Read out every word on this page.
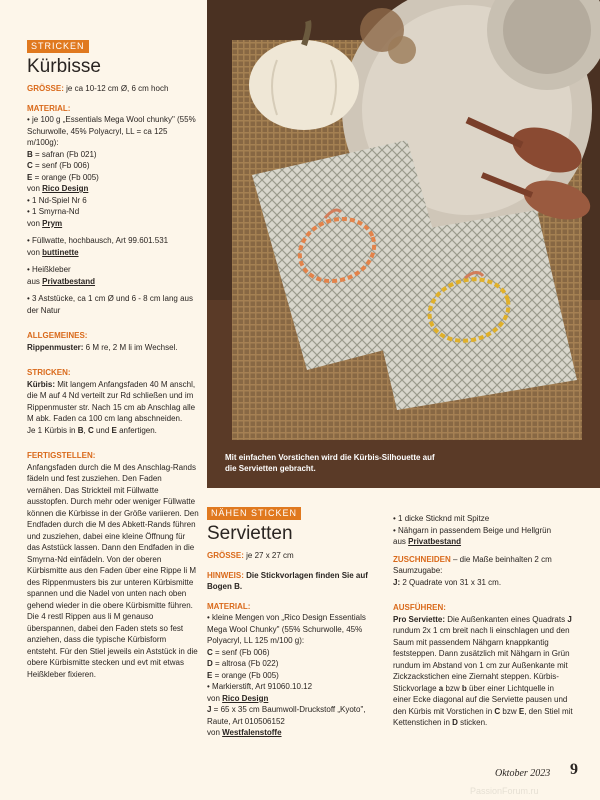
STRICKEN
Kürbisse

GRÖSSE: je ca 10-12 cm Ø, 6 cm hoch

MATERIAL:

• je 100 g „Essentials Mega Wool chunky" (55% Schurwolle, 45% Polyacryl, LL = ca 125 m/100g):

B = safran (Fb 021)

C = senf (Fb 006)

E = orange (Fb 005)

von Rico Design

• 1 Nd-Spiel Nr 6

• 1 Smyrna-Nd

von Prym

• Füllwatte, hochbausch, Art 99.601.531

von buttinette

• Heißkleber

aus Privatbestand

• 3 Aststücke, ca 1 cm Ø und 6 - 8 cm lang aus der Natur

ALLGEMEINES:

Rippenmuster: 6 M re, 2 M li im Wechsel.

STRICKEN:

Kürbis: Mit langem Anfangsfaden 40 M anschl, die M auf 4 Nd verteilt zur Rd schließen und im Rippenmuster str. Nach 15 cm ab Anschlag alle M abk. Faden ca 100 cm lang abschneiden.

Je 1 Kürbis in B, C und E anfertigen.

FERTIGSTELLEN:

Anfangsfaden durch die M des Anschlag-Rands fädeln und fest zusziehen. Den Faden vernähen. Das Strickteil mit Füllwatte ausstopfen. Durch mehr oder weniger Füllwatte können die Kürbisse in der Größe variieren. Den Endfaden durch die M des Abkett-Rands führen und zusziehen, dabei eine kleine Öffnung für das Aststück lassen. Dann den Endfaden in die Smyrna-Nd einfädeln. Von der oberen Kürbismitte aus den Faden über eine Rippe li M des Rippenmusters bis zur unteren Kürbismitte spannen und die Nadel von unten nach oben gehend wieder in die obere Kürbismitte führen. Die 4 restl Rippen aus li M genauso überspannen, dabei den Faden stets so fest anziehen, dass die typische Kürbisform entsteht. Für den Stiel jeweils ein Aststück in die obere Kürbismitte stecken und evt mit etwas Heißkleber fixieren.

Mit einfachen Vorstichen wird die Kürbis-Silhouette auf die Servietten gebracht.
NÄHEN STICKEN
Servietten

GRÖSSE: je 27 x 27 cm

HINWEIS: Die Stickvorlagen finden Sie auf Bogen B.

MATERIAL:

• kleine Mengen von „Rico Design Essentials Mega Wool Chunky" (55% Schurwolle, 45% Polyacryl, LL 125 m/100 g):

C = senf (Fb 006)

D = altrosa (Fb 022)

E = orange (Fb 005)

• Markierstift, Art 91060.10.12

von Rico Design

J = 65 x 35 cm Baumwoll-Druckstoff „Kyoto", Raute, Art 010506152

von Westfalenstoffe

• 1 dicke Sticknd mit Spitze

• Nähgarn in passendem Beige und Hellgrün

aus Privatbestand

ZUSCHNEIDEN – die Maße beinhalten 2 cm Saumzugabe:

J: 2 Quadrate von 31 x 31 cm.

AUSFÜHREN:

Pro Serviette: Die Außenkanten eines Quadrats J rundum 2x 1 cm breit nach li einschlagen und den Saum mit passendem Nähgarn knappkantig feststeppen. Dann zusätzlich mit Nähgarn in Grün rundum im Abstand von 1 cm zur Außenkante mit Zickzackstichen eine Ziernaht steppen. Kürbis-Stickvorlage a bzw b über einer Lichtquelle in einer Ecke diagonal auf die Serviette pausen und den Kürbis mit Vorstichen in C bzw E, den Stiel mit Kettenstichen in D sticken.

Oktober 2023 9
PassionForum.ru
